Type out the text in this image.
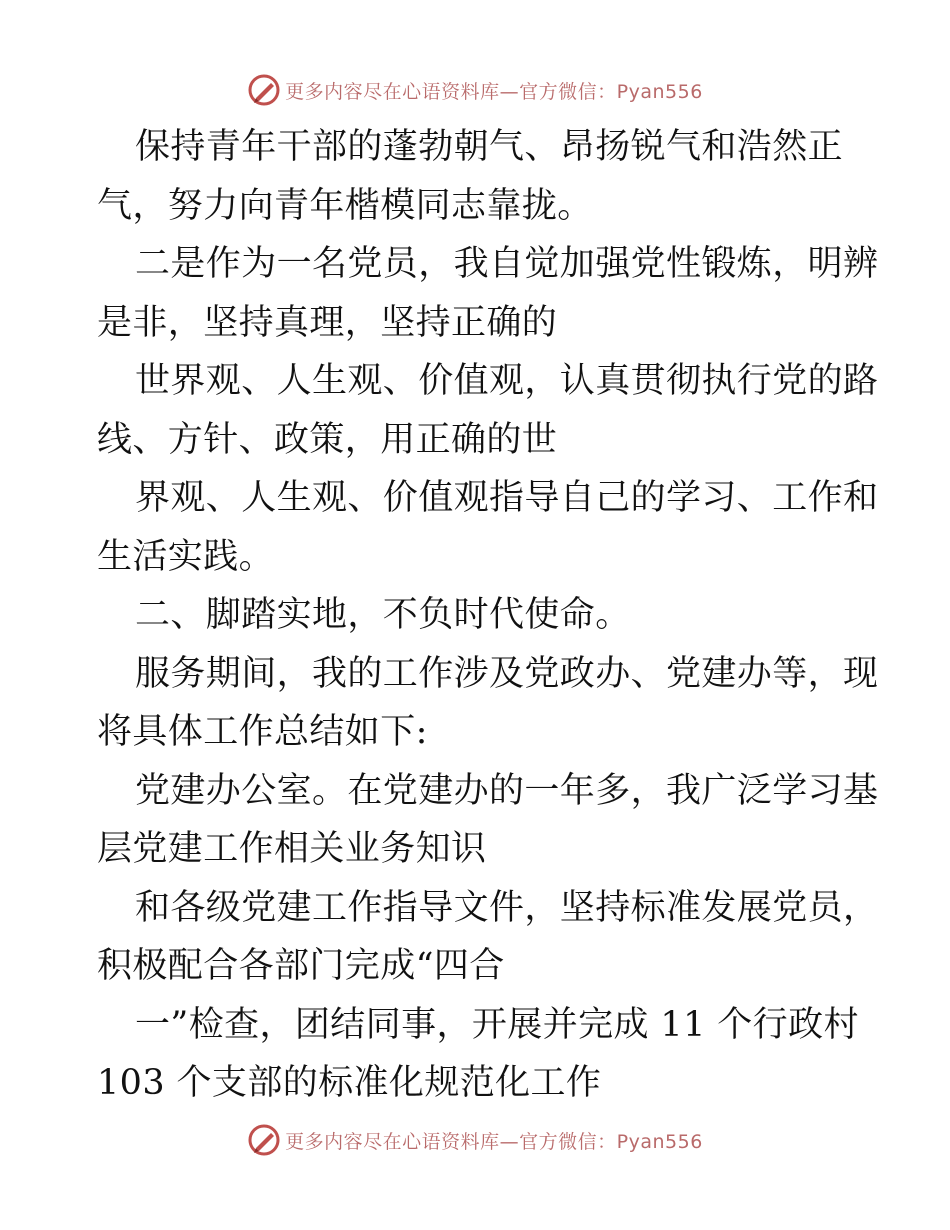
更多内容尽在心语资料库—官方微信：Pyan556
保持青年干部的蓬勃朝气、昂扬锐气和浩然正
气，努力向青年楷模同志靠拢。
二是作为一名党员，我自觉加强党性锻炼，明辨
是非，坚持真理，坚持正确的
世界观、人生观、价值观，认真贯彻执行党的路
线、方针、政策，用正确的世
界观、人生观、价值观指导自己的学习、工作和
生活实践。
二、脚踏实地，不负时代使命。
服务期间，我的工作涉及党政办、党建办等，现
将具体工作总结如下:
党建办公室。在党建办的一年多，我广泛学习基
层党建工作相关业务知识
和各级党建工作指导文件，坚持标准发展党员，
积极配合各部门完成“四合
一”检查，团结同事，开展并完成 11 个行政村
103 个支部的标准化规范化工作
更多内容尽在心语资料库—官方微信：Pyan556
